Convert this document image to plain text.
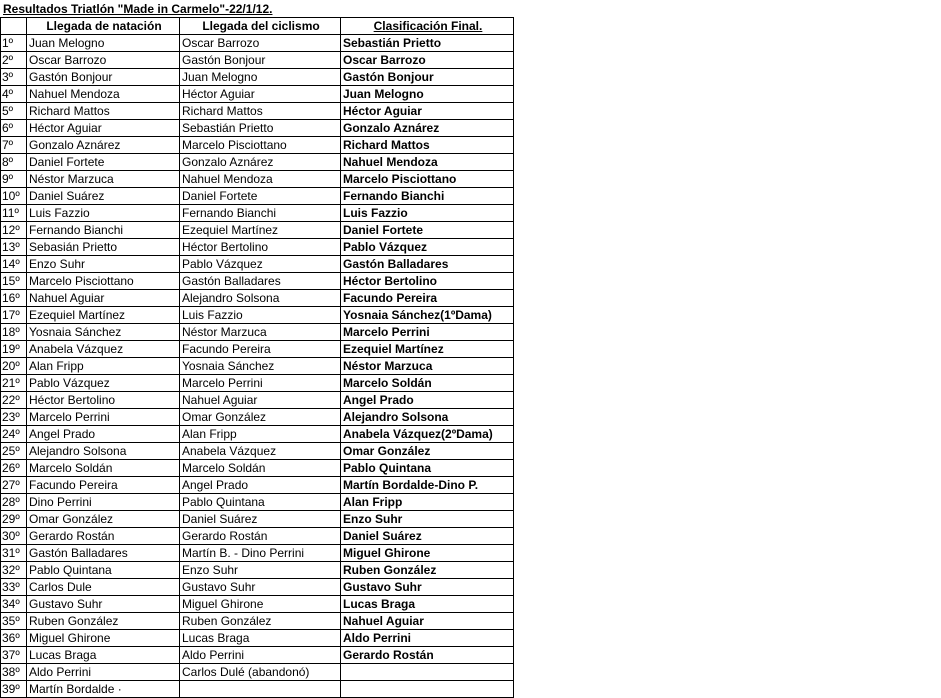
Resultados Triatlón "Made in Carmelo"-22/1/12.			
	Llegada de natación	Llegada del ciclismo	Clasificación Final.
1º	Juan Melogno	Oscar Barrozo	Sebastián Prietto
2º	Oscar Barrozo	Gastón Bonjour	Oscar Barrozo
3º	Gastón Bonjour	Juan Melogno	Gastón Bonjour
4º	Nahuel Mendoza	Héctor Aguiar	Juan Melogno
5º	Richard Mattos	Richard Mattos	Héctor Aguiar
6º	Héctor Aguiar	Sebastián Prietto	Gonzalo Aznárez
7º	Gonzalo Aznárez	Marcelo Pisciottano	Richard Mattos
8º	Daniel Fortete	Gonzalo Aznárez	Nahuel Mendoza
9º	Néstor Marzuca	Nahuel Mendoza	Marcelo Pisciottano
10º	Daniel Suárez	Daniel Fortete	Fernando Bianchi
11º	Luis Fazzio	Fernando Bianchi	Luis Fazzio
12º	Fernando Bianchi	Ezequiel Martínez	Daniel Fortete
13º	Sebasián Prietto	Héctor Bertolino	Pablo Vázquez
14º	Enzo Suhr	Pablo Vázquez	Gastón Balladares
15º	Marcelo Pisciottano	Gastón Balladares	Héctor Bertolino
16º	Nahuel Aguiar	Alejandro Solsona	Facundo Pereira
17º	Ezequiel Martínez	Luis Fazzio	Yosnaia Sánchez(1ºDama)
18º	Yosnaia Sánchez	Néstor Marzuca	Marcelo Perrini
19º	Anabela Vázquez	Facundo Pereira	Ezequiel Martínez
20º	Alan Fripp	Yosnaia Sánchez	Néstor Marzuca
21º	Pablo Vázquez	Marcelo Perrini	Marcelo Soldán
22º	Héctor Bertolino	Nahuel Aguiar	Angel Prado
23º	Marcelo Perrini	Omar González	Alejandro Solsona
24º	Angel Prado	Alan Fripp	Anabela Vázquez(2ºDama)
25º	Alejandro Solsona	Anabela Vázquez	Omar González
26º	Marcelo Soldán	Marcelo Soldán	Pablo Quintana
27º	Facundo Pereira	Angel Prado	Martín Bordalde-Dino P.
28º	Dino Perrini	Pablo Quintana	Alan Fripp
29º	Omar González	Daniel Suárez	Enzo Suhr
30º	Gerardo Rostán	Gerardo Rostán	Daniel Suárez
31º	Gastón Balladares	Martín B. - Dino Perrini	Miguel Ghirone
32º	Pablo Quintana	Enzo Suhr	Ruben González
33º	Carlos Dule	Gustavo Suhr	Gustavo Suhr
34º	Gustavo Suhr	Miguel Ghirone	Lucas Braga
35º	Ruben González	Ruben González	Nahuel Aguiar
36º	Miguel Ghirone	Lucas Braga	Aldo Perrini
37º	Lucas Braga	Aldo Perrini	Gerardo Rostán
38º	Aldo Perrini	Carlos Dulé (abandonó)	
39º	Martín Bordalde ·		
